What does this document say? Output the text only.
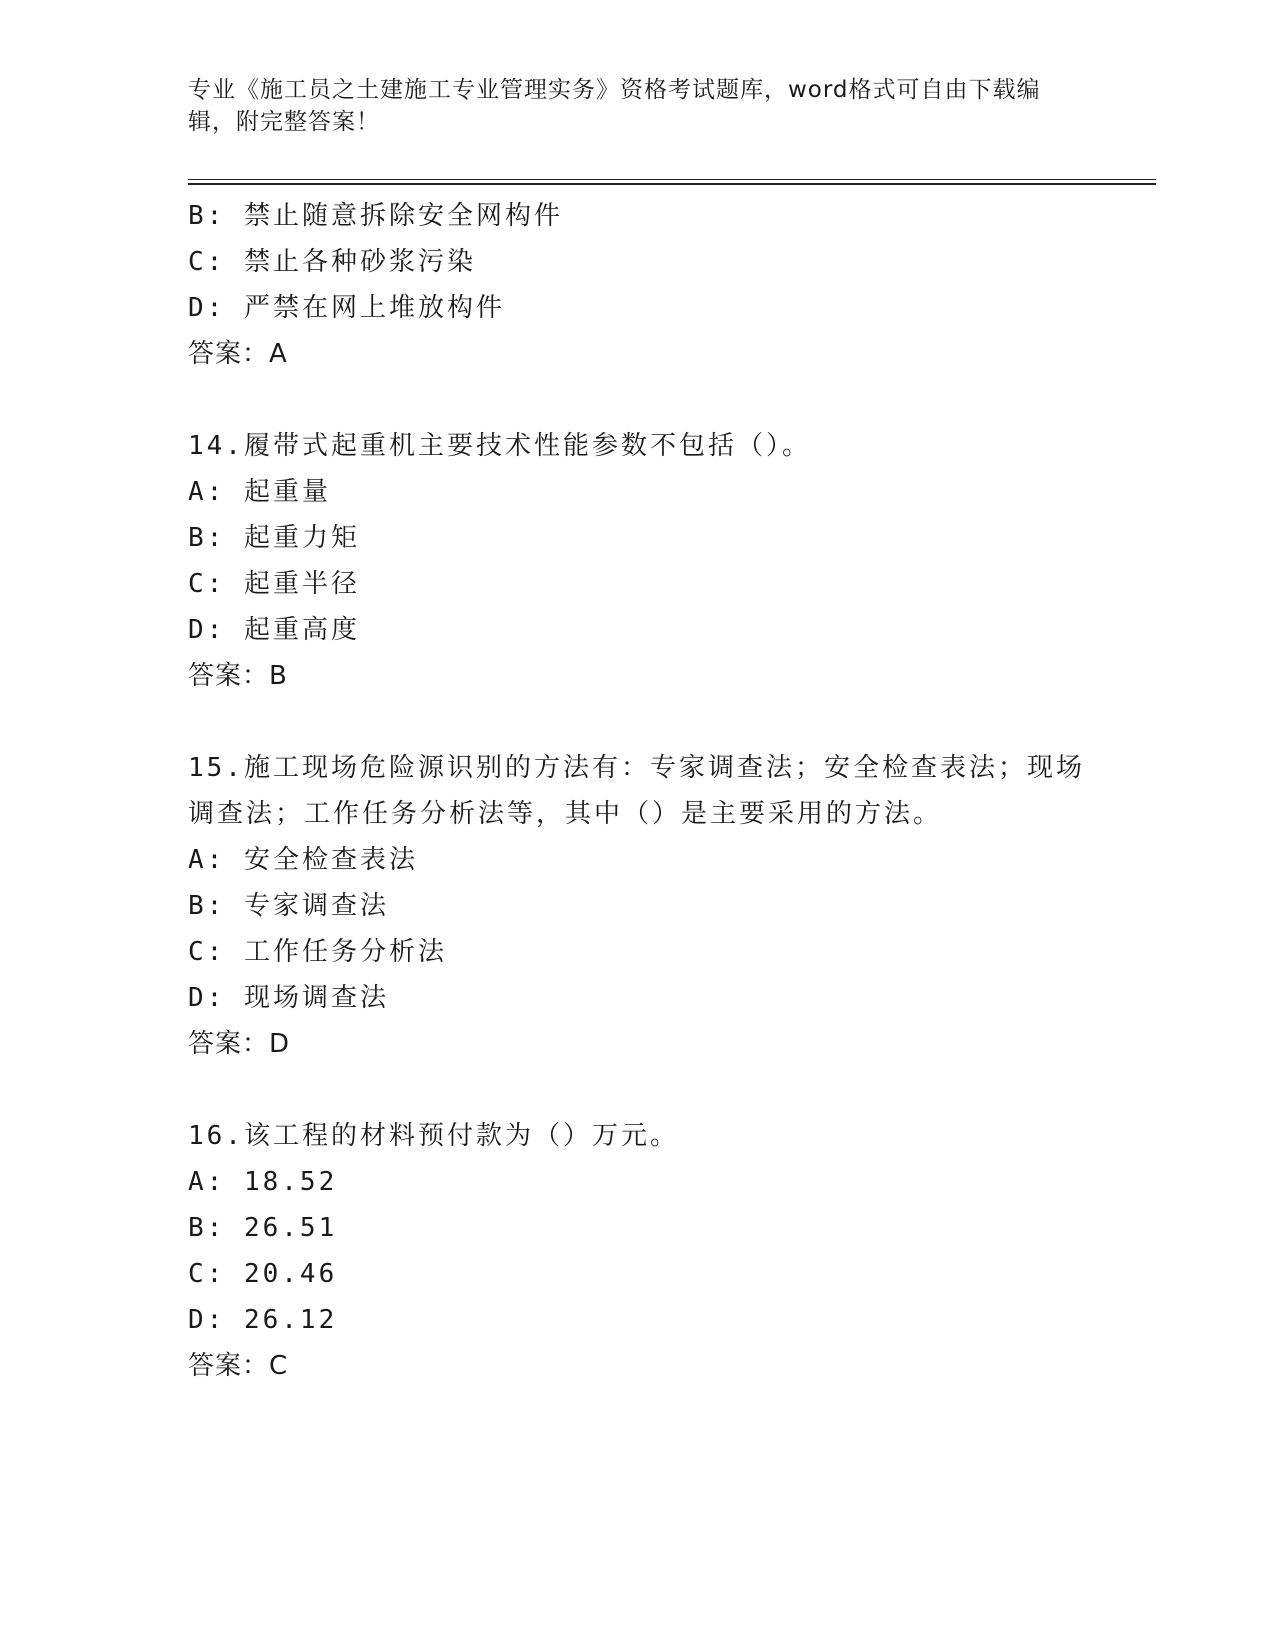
专业《施工员之土建施工专业管理实务》资格考试题库，word格式可自由下载编
辑，附完整答案！
B: 禁止随意拆除安全网构件
C: 禁止各种砂浆污染
D: 严禁在网上堆放构件
答案：A
14.履带式起重机主要技术性能参数不包括（）。
A: 起重量
B: 起重力矩
C: 起重半径
D: 起重高度
答案：B
15.施工现场危险源识别的方法有：专家调查法；安全检查表法；现场
调查法；工作任务分析法等，其中（）是主要采用的方法。
A: 安全检查表法
B: 专家调查法
C: 工作任务分析法
D: 现场调查法
答案：D
16.该工程的材料预付款为（）万元。
A: 18.52
B: 26.51
C: 20.46
D: 26.12
答案：C
